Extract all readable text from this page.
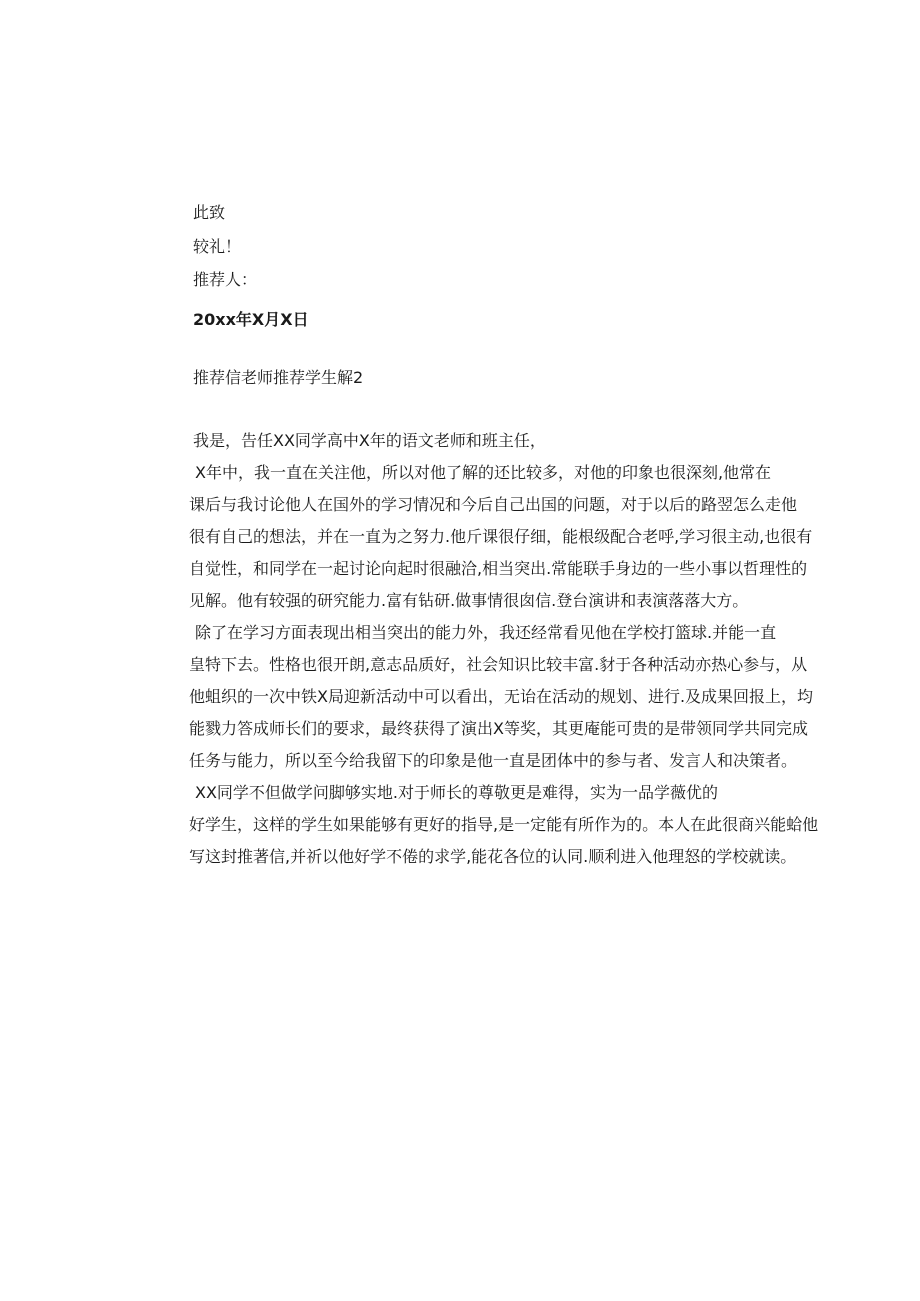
此致

较礼！

推荐人：

20xx年X月X日

推荐信老师推荐学生解2

我是，告任XX同学高中X年的语文老师和班主任，
X年中，我一直在关注他，所以对他了解的还比较多，对他的印象也很深刻,他常在
课后与我讨论他人在国外的学习情况和今后自己出国的问题，对于以后的路翌怎么走他
很有自己的想法，并在一直为之努力.他斤课很仔细，能根级配合老呼,学习很主动,也很有
自觉性，和同学在一起讨论向起时很融洽,相当突出.常能联手身边的一些小事以哲理性的
见解。他有较强的研究能力.富有钻研.做事情很囱信.登台演讲和表演落落大方。
除了在学习方面表现出相当突出的能力外，我还经常看见他在学校打篮球.并能一直
皇特下去。性格也很开朗,意志品质好，社会知识比较丰富.豺于各种活动亦热心参与，从
他蛆织的一次中铁X局迎新活动中可以看出，无诒在活动的规划、进行.及成果回报上，均
能戮力答成师长们的要求，最终获得了演出X等奖，其更庵能可贵的是带领同学共同完成
任务与能力，所以至今给我留下的印象是他一直是团体中的参与者、发言人和决策者。
XX同学不但做学问脚够实地.对于师长的尊敬更是难得，实为一品学薇优的
好学生，这样的学生如果能够有更好的指导,是一定能有所作为的。本人在此很商兴能蛤他
写这封推著信,并祈以他好学不倦的求学,能花各位的认同.顺利进入他理怒的学校就读。
